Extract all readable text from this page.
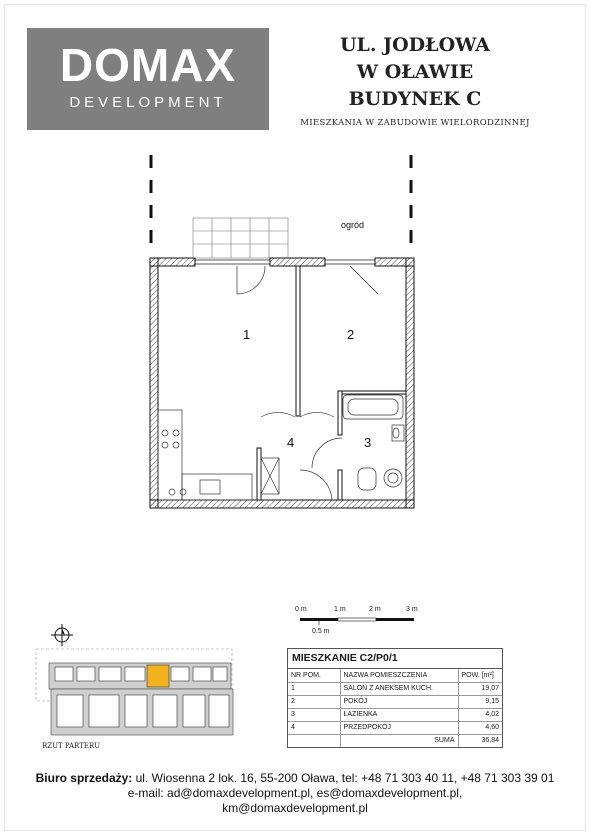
DOMAX
DEVELOPMENT
UL. JODŁOWA
W OŁAWIE
BUDYNEK C
MIESZKANIA W ZABUDOWIE WIELORODZINNEJ
ogród
1	2
3
4
0 m	1 m	2 m	3 m
0.5 m
RZUT PARTERU
MIESZKANIE C2/P0/1
NR POM.	NAZWA POMIESZCZENIA	POW. [m²]
1	SALON Z ANEKSEM KUCH.	19,07
2	POKÓJ	9,15
3	ŁAZIENKA	4,02
4	PRZEDPOKÓJ	4,60
	SUMA	36,84
Biuro sprzedaży: ul. Wiosenna 2 lok. 16, 55-200 Oława, tel: +48 71 303 40 11, +48 71 303 39 01
e-mail: ad@domaxdevelopment.pl, es@domaxdevelopment.pl,
km@domaxdevelopment.pl
